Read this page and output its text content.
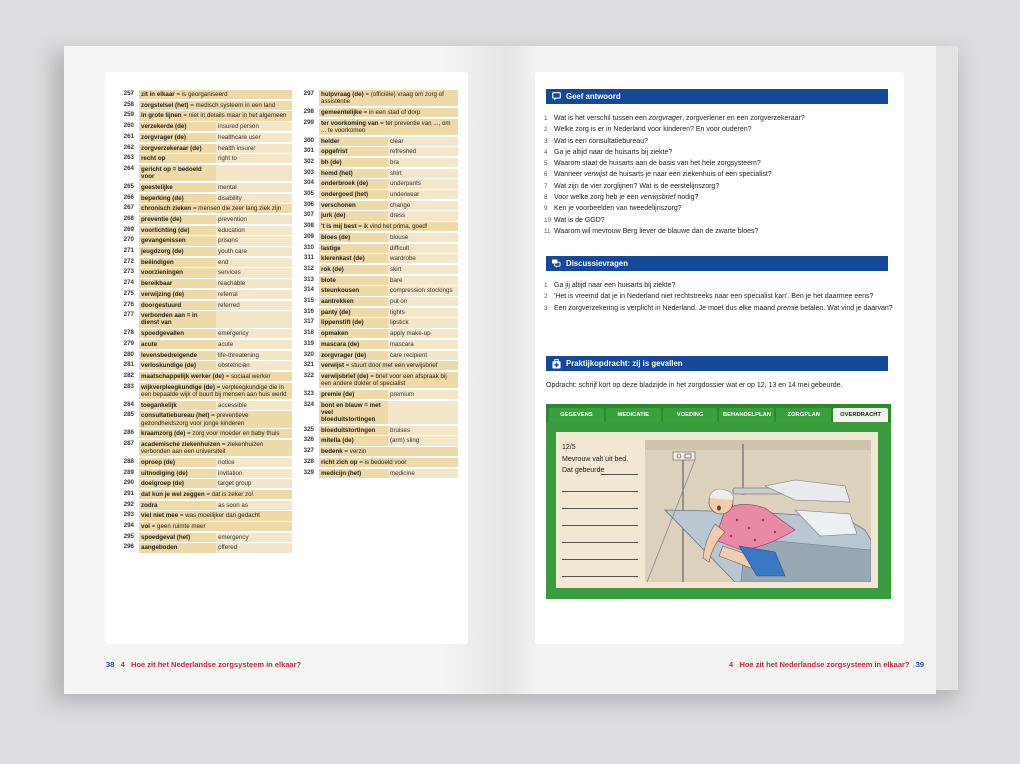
257	zit in elkaar = is georganiseerd
258	zorgstelsel (het) = medisch systeem in een land
259	in grote lijnen = niet in details maar in het algemeen
260	verzekerde (de)	insured person
261	zorgvrager (de)	healthcare user
262	zorgverzekeraar (de)	health insurer
263	recht op	right to
264	gericht op = bedoeld voor
265	geestelijke	mental
266	beperking (de)	disability
267	chronisch zieken = mensen die zeer lang ziek zijn
268	preventie (de)	prevention
269	voorlichting (de)	education
270	gevangenissen	prisons
271	jeugdzorg (de)	youth care
272	beëindigen	end
273	voorzieningen	services
274	bereikbaar	reachable
275	verwijzing (de)	referral
276	doorgestuurd	referred
277	verbonden aan = in dienst van
278	spoedgevallen	emergency
279	acute	acute
280	levensbedreigende	life-threatening
281	verloskundige (de)	obstetrician
282	maatschappelijk werker (de) = sociaal werker
283	wijkverpleegkundige (de) = verpleegkundige die in een bepaalde wijk of buurt bij mensen aan huis werkt
284	toegankelijk	accessible
285	consultatiebureau (het) = preventieve gezondheidszorg voor jonge kinderen
286	kraamzorg (de) = zorg voor moeder en baby thuis
287	academische ziekenhuizen = ziekenhuizen verbonden aan een universiteit
288	oproep (de)	notice
289	uitnodiging (de)	invitation
290	doelgroep (de)	target group
291	dat kun je wel zeggen = dat is zeker zo!
292	zodra	as soon as
293	viel niet mee = was moeilijker dan gedacht
294	vol = geen ruimte meer
295	spoedgeval (het)	emergency
296	aangeboden	offered
297	hulpvraag (de) = (officiële) vraag om zorg of assistentie
298	gemeentelijke = in een stad of dorp
299	ter voorkoming van = ter preventie van ..., om ... te voorkomen
300	helder	clear
301	opgefrist	refreshed
302	bh (de)	bra
303	hemd (het)	shirt
304	onderbroek (de)	underpants
305	ondergoed (het)	underwear
306	verschonen	change
307	jurk (de)	dress
308	't is mij best = ik vind het prima, goed!
309	bloes (de)	blouse
310	lastige	difficult
311	klerenkast (de)	wardrobe
312	rok (de)	skirt
313	blote	bare
314	steunkousen	compression stockings
315	aantrekken	put on
316	panty (de)	tights
317	lippenstift (de)	lipstick
318	opmaken	apply make-up
319	mascara (de)	mascara
320	zorgvrager (de)	care recipient
321	verwijst = stuurt door met een verwijsbrief
322	verwijsbrief (de) = brief voor een afspraak bij een andere dokter of specialist
323	premie (de)	premium
324	bont en blauw = met veel bloeduitstortingen
325	bloeduitstortingen	bruises
326	mitella (de)	(arm) sling
327	bedenk = verzin
328	richt zich op = is bedoeld voor
329	medicijn (het)	medicine
38 4 Hoe zit het Nederlandse zorgsysteem in elkaar?	4 Hoe zit het Nederlandse zorgsysteem in elkaar? 39
Geef antwoord
1 Wat is het verschil tussen een zorgvrager, zorgverlener en een zorgverzekeraar?
2 Welke zorg is er in Nederland voor kinderen? En voor ouderen?
3 Wat is een consultatiebureau?
4 Ga je altijd naar de huisarts bij ziekte?
5 Waarom staat de huisarts aan de basis van het hele zorgsysteem?
6 Wanneer verwijst de huisarts je naar een ziekenhuis of een specialist?
7 Wat zijn de vier zorglijnen? Wat is de eerstelijnszorg?
8 Voor welke zorg heb je een verwijsbrief nodig?
9 Ken je voorbeelden van tweedelijnszorg?
10 Wat is de GGD?
11 Waarom wil mevrouw Berg liever de blauwe dan de zwarte bloes?
Discussievragen
1 Ga jij altijd naar een huisarts bij ziekte?
2 'Het is vreemd dat je in Nederland niet rechtstreeks naar een specialist kan'. Ben je het daarmee eens?
3 Een zorgverzekering is verplicht in Nederland. Je moet dus elke maand premie betalen. Wat vind je daarvan?
Praktijkopdracht: zij is gevallen
Opdracht: schrijf kort op deze bladzijde in het zorgdossier wat er op 12, 13 en 14 mei gebeurde.
GEGEVENS	MEDICATIE	VOEDING	BEHANDELPLAN	ZORGPLAN	OVERDRACHT
12/5
Mevrouw valt uit bed.
Dat gebeurde
